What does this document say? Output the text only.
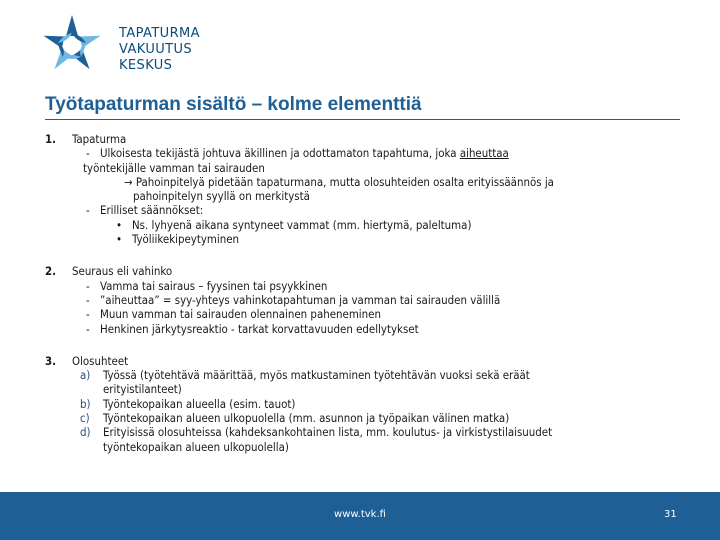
TAPATURMA
VAKUUTUS
KESKUS
Työtapaturman sisältö – kolme elementtiä
1.	Tapaturma
- Ulkoisesta tekijästä johtuva äkillinen ja odottamaton tapahtuma, joka aiheuttaa
työntekijälle vamman tai sairauden
→ Pahoinpitelyä pidetään tapaturmana, mutta olosuhteiden osalta erityissäännös ja
pahoinpitelyn syyllä on merkitystä
- Erilliset säännökset:
• Ns. lyhyenä aikana syntyneet vammat (mm. hiertymä, paleltuma)
• Työliikekipeytyminen
2.	Seuraus eli vahinko
- Vamma tai sairaus – fyysinen tai psyykkinen
- ”aiheuttaa” = syy-yhteys vahinkotapahtuman ja vamman tai sairauden välillä
- Muun vamman tai sairauden olennainen paheneminen
- Henkinen järkytysreaktio - tarkat korvattavuuden edellytykset
3.	Olosuhteet
a) Työssä (työtehtävä määrittää, myös matkustaminen työtehtävän vuoksi sekä eräät
erityistilanteet)
b) Työntekopaikan alueella (esim. tauot)
c) Työntekopaikan alueen ulkopuolella (mm. asunnon ja työpaikan välinen matka)
d) Erityisissä olosuhteissa (kahdeksankohtainen lista, mm. koulutus- ja virkistystilaisuudet
työntekopaikan alueen ulkopuolella)
www.tvk.fi	31
